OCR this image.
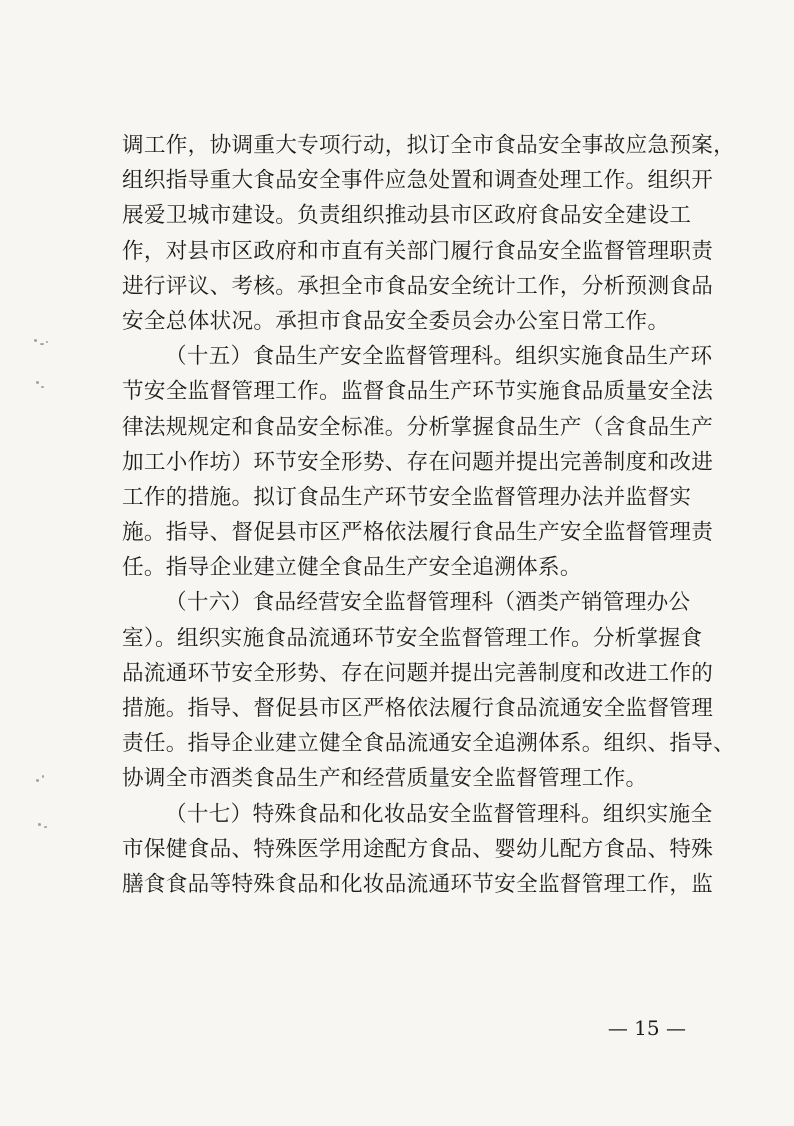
调工作，协调重大专项行动，拟订全市食品安全事故应急预案，
组织指导重大食品安全事件应急处置和调查处理工作。组织开
展爱卫城市建设。负责组织推动县市区政府食品安全建设工
作，对县市区政府和市直有关部门履行食品安全监督管理职责
进行评议、考核。承担全市食品安全统计工作，分析预测食品
安全总体状况。承担市食品安全委员会办公室日常工作。
（十五）食品生产安全监督管理科。组织实施食品生产环
节安全监督管理工作。监督食品生产环节实施食品质量安全法
律法规规定和食品安全标准。分析掌握食品生产（含食品生产
加工小作坊）环节安全形势、存在问题并提出完善制度和改进
工作的措施。拟订食品生产环节安全监督管理办法并监督实
施。指导、督促县市区严格依法履行食品生产安全监督管理责
任。指导企业建立健全食品生产安全追溯体系。
（十六）食品经营安全监督管理科（酒类产销管理办公
室）。组织实施食品流通环节安全监督管理工作。分析掌握食
品流通环节安全形势、存在问题并提出完善制度和改进工作的
措施。指导、督促县市区严格依法履行食品流通安全监督管理
责任。指导企业建立健全食品流通安全追溯体系。组织、指导、
协调全市酒类食品生产和经营质量安全监督管理工作。
（十七）特殊食品和化妆品安全监督管理科。组织实施全
市保健食品、特殊医学用途配方食品、婴幼儿配方食品、特殊
膳食食品等特殊食品和化妆品流通环节安全监督管理工作，监
— 15 —
